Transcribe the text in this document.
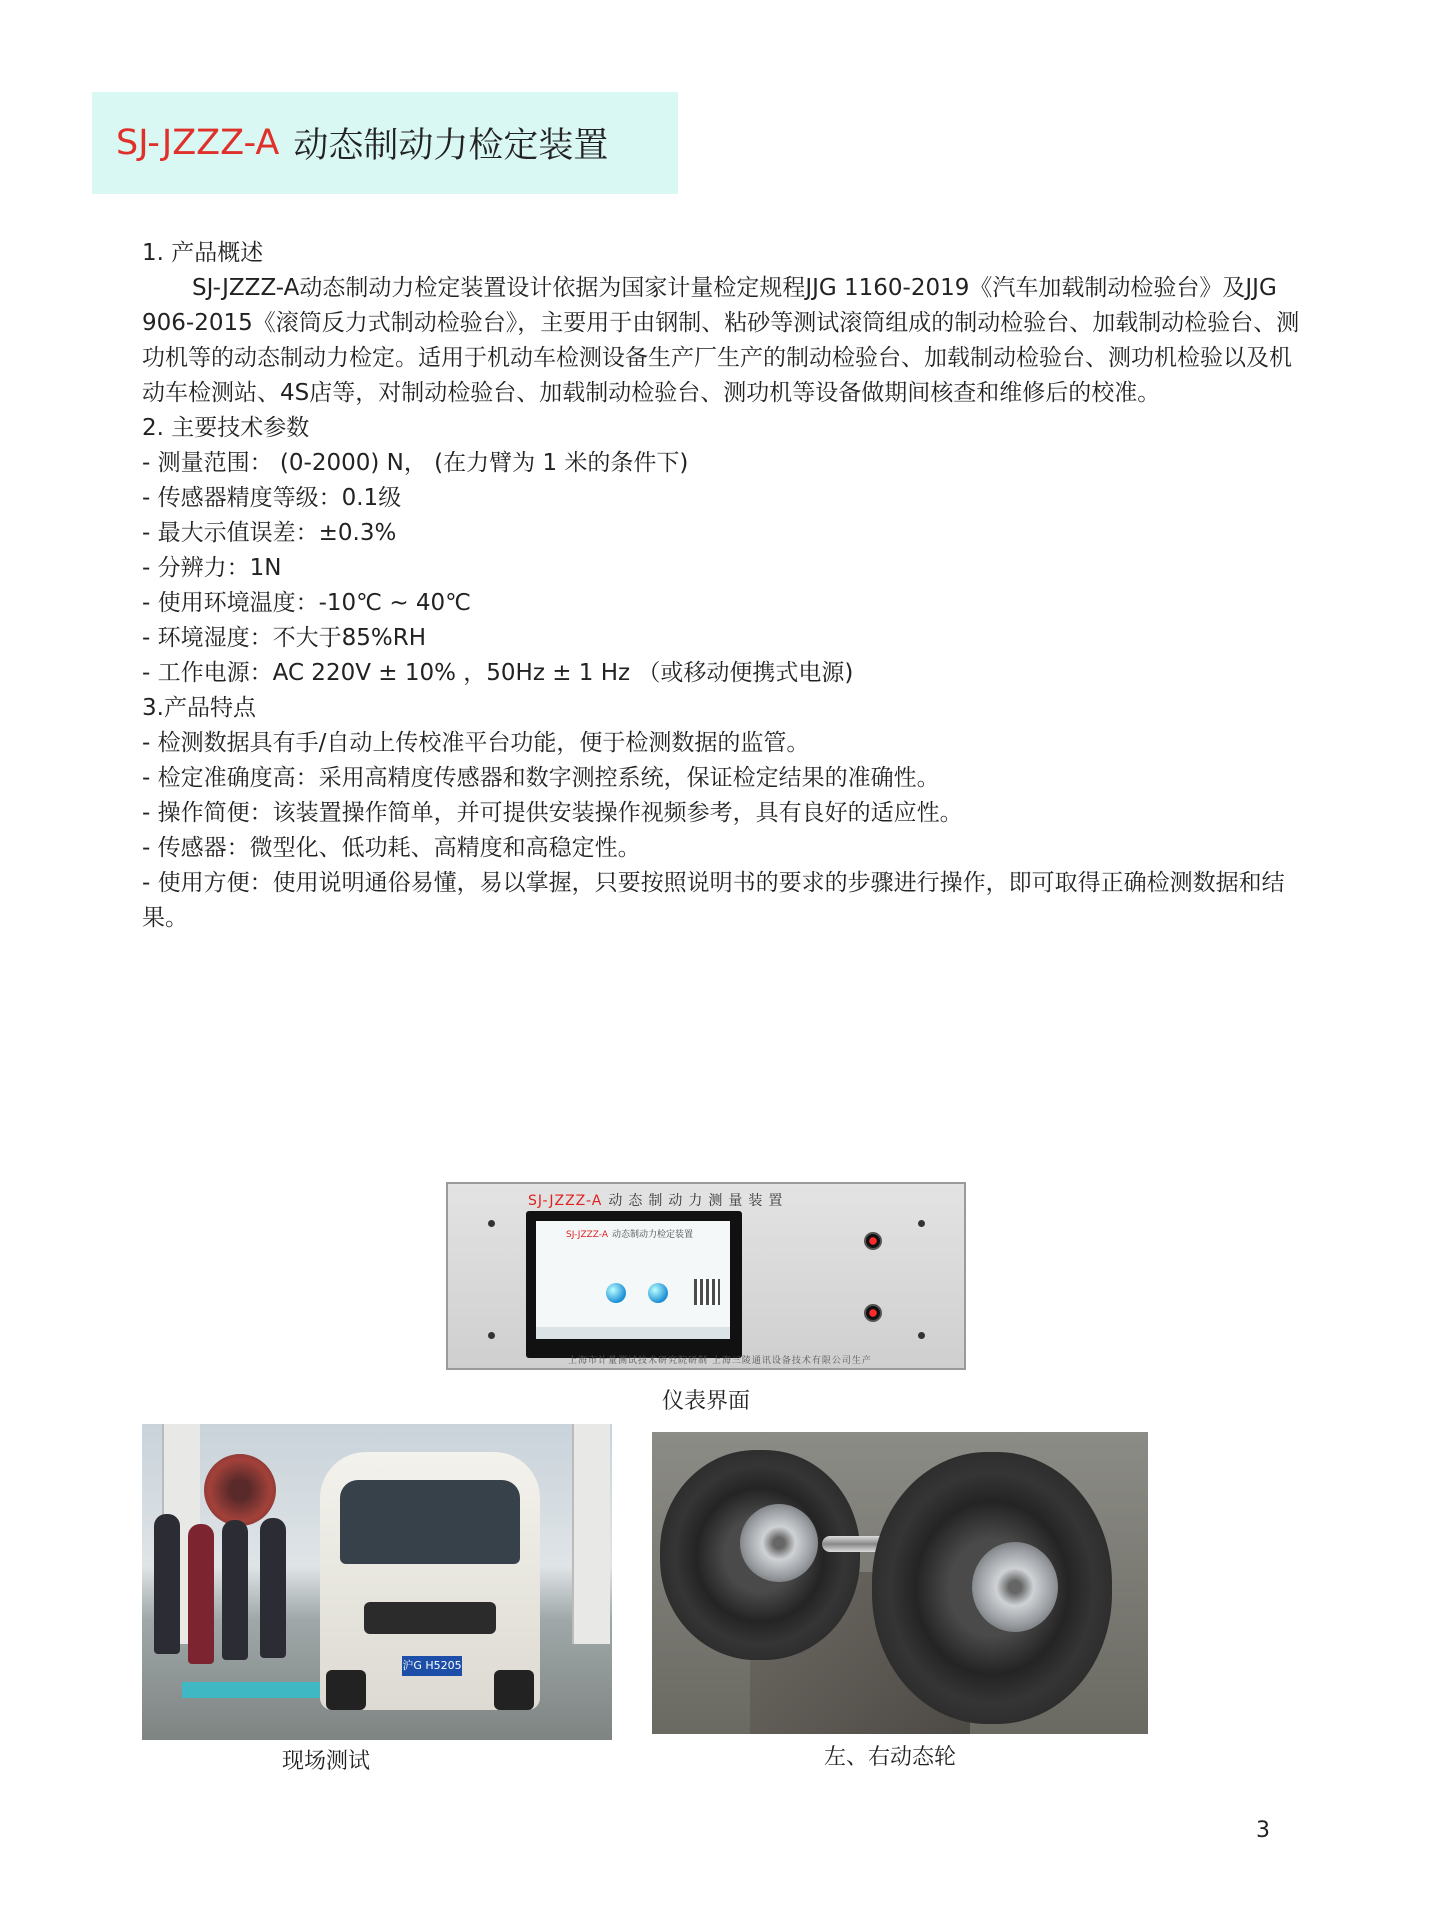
SJ-JZZZ-A 动态制动力检定装置

1. 产品概述

SJ-JZZZ-A动态制动力检定装置设计依据为国家计量检定规程JJG 1160-2019《汽车加载制动检验台》及JJG 906-2015《滚筒反力式制动检验台》，主要用于由钢制、粘砂等测试滚筒组成的制动检验台、加载制动检验台、测功机等的动态制动力检定。适用于机动车检测设备生产厂生产的制动检验台、加载制动检验台、测功机检验以及机动车检测站、4S店等，对制动检验台、加载制动检验台、测功机等设备做期间核查和维修后的校准。

2. 主要技术参数

- 测量范围： (0-2000) N， (在力臂为 1 米的条件下)

- 传感器精度等级：0.1级

- 最大示值误差：±0.3%

- 分辨力：1N

- 使用环境温度：-10℃ ~ 40℃

- 环境湿度：不大于85%RH

- 工作电源：AC 220V ± 10% ，50Hz ± 1 Hz （或移动便携式电源)

3.产品特点

- 检测数据具有手/自动上传校准平台功能，便于检测数据的监管。

- 检定准确度高：采用高精度传感器和数字测控系统，保证检定结果的准确性。

- 操作简便：该装置操作简单，并可提供安装操作视频参考，具有良好的适应性。

- 传感器：微型化、低功耗、高精度和高稳定性。

- 使用方便：使用说明通俗易懂，易以掌握，只要按照说明书的要求的步骤进行操作，即可取得正确检测数据和结果。

SJ-JZZZ-A 动态制动力测量装置
SJ-JZZZ-A 动态制动力检定装置
上海市计量测试技术研究院研制 上海三陵通讯设备技术有限公司生产
仪表界面
沪G H5205
现场测试	左、右动态轮
3
